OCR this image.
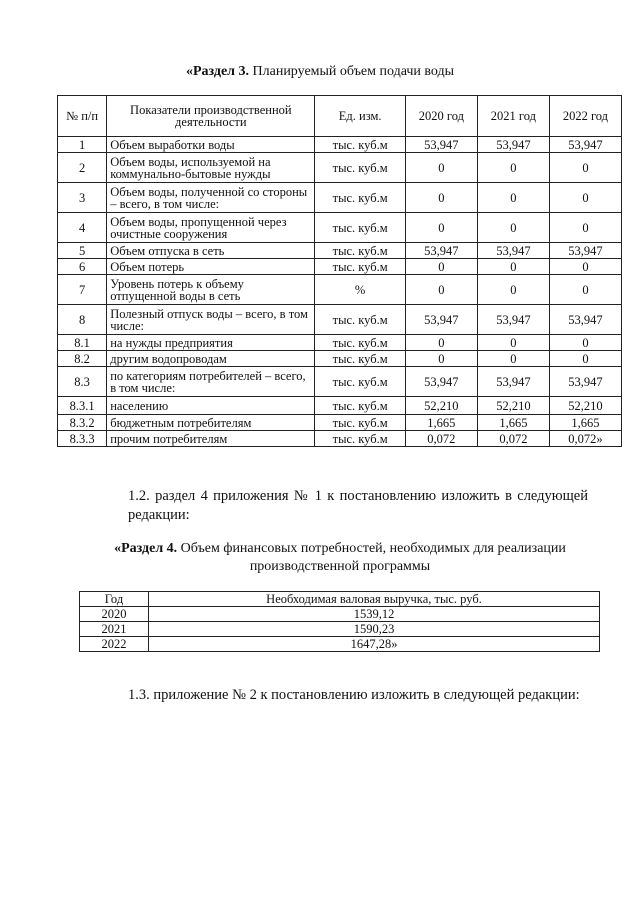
«Раздел 3. Планируемый объем подачи воды
№ п/п	Показатели производственной деятельности	Ед. изм.	2020 год	2021 год	2022 год
1	Объем выработки воды	тыс. куб.м	53,947	53,947	53,947
2	Объем воды, используемой на коммунально-бытовые нужды	тыс. куб.м	0	0	0
3	Объем воды, полученной со стороны – всего, в том числе:	тыс. куб.м	0	0	0
4	Объем воды, пропущенной через очистные сооружения	тыс. куб.м	0	0	0
5	Объем отпуска в сеть	тыс. куб.м	53,947	53,947	53,947
6	Объем потерь	тыс. куб.м	0	0	0
7	Уровень потерь к объему отпущенной воды в сеть	%	0	0	0
8	Полезный отпуск воды – всего, в том числе:	тыс. куб.м	53,947	53,947	53,947
8.1	на нужды предприятия	тыс. куб.м	0	0	0
8.2	другим водопроводам	тыс. куб.м	0	0	0
8.3	по категориям потребителей – всего, в том числе:	тыс. куб.м	53,947	53,947	53,947
8.3.1	населению	тыс. куб.м	52,210	52,210	52,210
8.3.2	бюджетным потребителям	тыс. куб.м	1,665	1,665	1,665
8.3.3	прочим потребителям	тыс. куб.м	0,072	0,072	0,072»
1.2. раздел 4 приложения № 1 к постановлению изложить в следующей редакции:
«Раздел 4. Объем финансовых потребностей, необходимых для реализации производственной программы
Год	Необходимая валовая выручка, тыс. руб.
2020	1539,12
2021	1590,23
2022	1647,28»
1.3. приложение № 2 к постановлению изложить в следующей редакции:
